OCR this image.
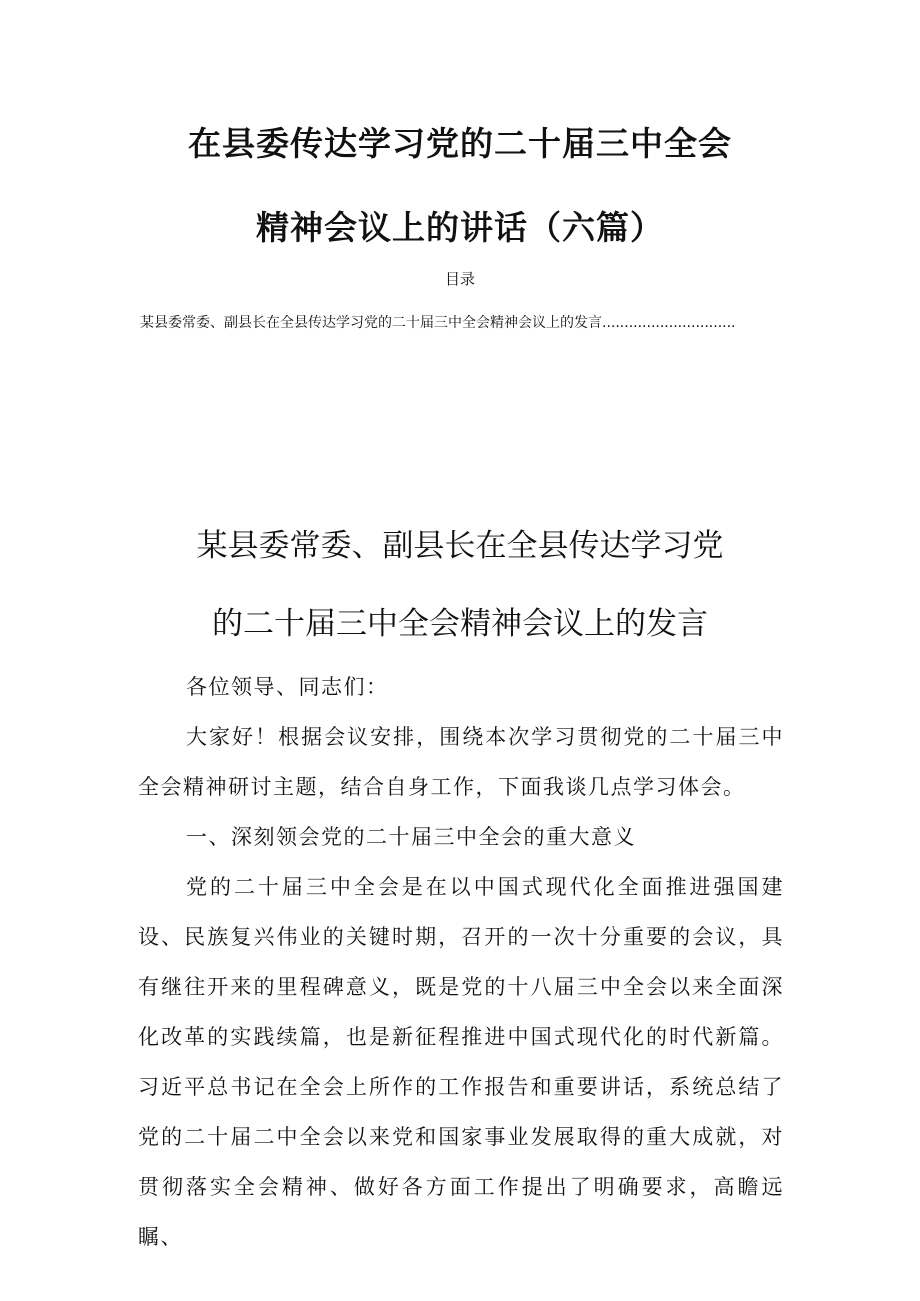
在县委传达学习党的二十届三中全会
精神会议上的讲话（六篇）
目录
某县委常委、副县长在全县传达学习党的二十届三中全会精神会议上的发言..............................
某县委常委、副县长在全县传达学习党
的二十届三中全会精神会议上的发言

各位领导、同志们：

大家好！根据会议安排，围绕本次学习贯彻党的二十届三中全会精神研讨主题，结合自身工作，下面我谈几点学习体会。

一、深刻领会党的二十届三中全会的重大意义

党的二十届三中全会是在以中国式现代化全面推进强国建设、民族复兴伟业的关键时期，召开的一次十分重要的会议，具有继往开来的里程碑意义，既是党的十八届三中全会以来全面深化改革的实践续篇，也是新征程推进中国式现代化的时代新篇。习近平总书记在全会上所作的工作报告和重要讲话，系统总结了党的二十届二中全会以来党和国家事业发展取得的重大成就，对贯彻落实全会精神、做好各方面工作提出了明确要求，高瞻远瞩、
